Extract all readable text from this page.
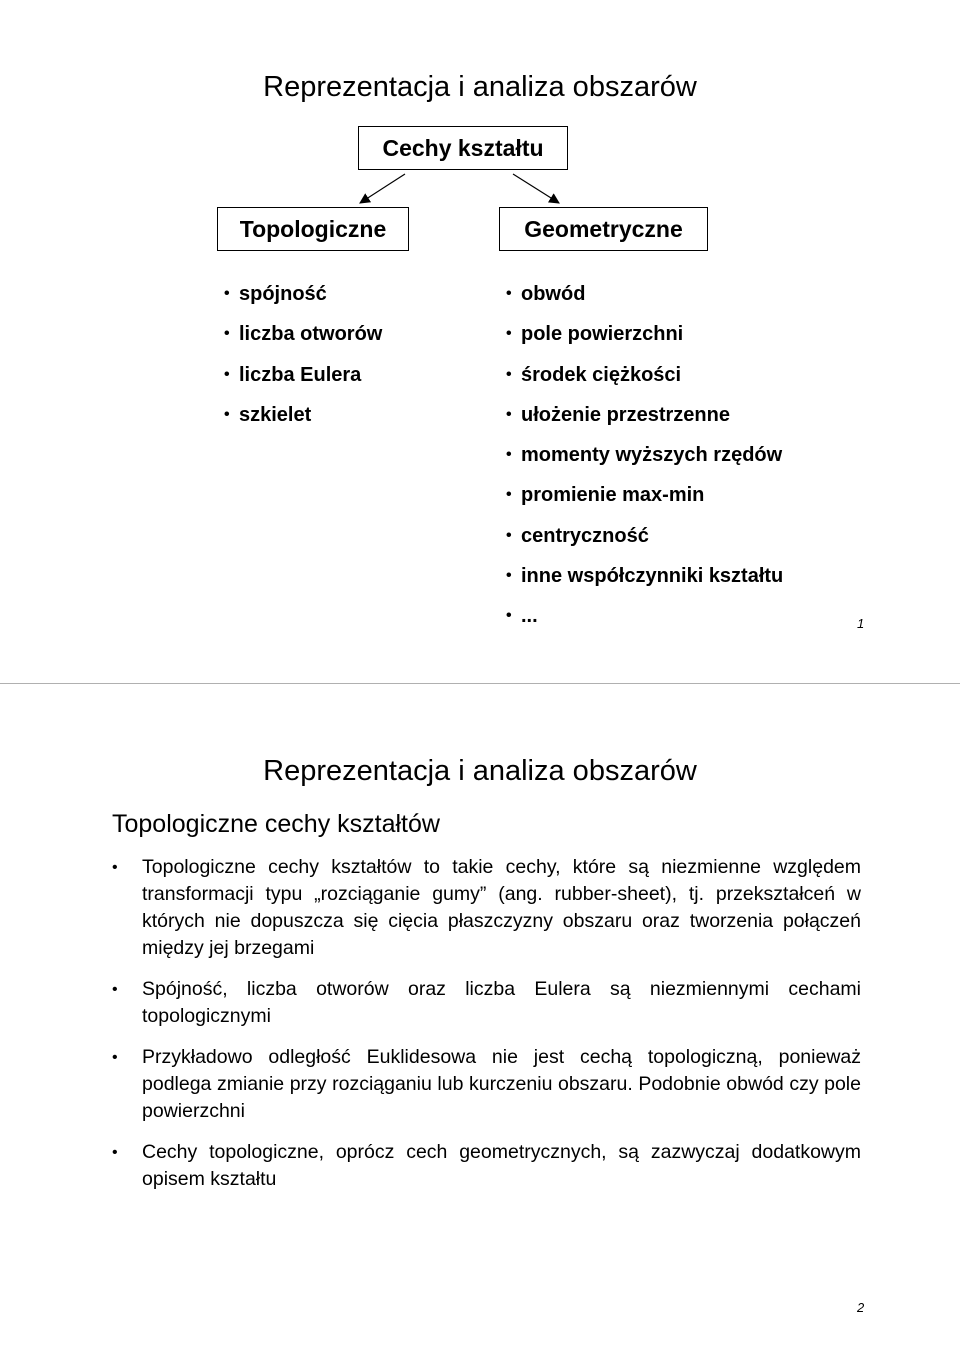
Reprezentacja i analiza obszarów
Cechy kształtu
Topologiczne	Geometryczne
• spójność
• liczba otworów
• liczba Eulera
• szkielet
• obwód
• pole powierzchni
• środek ciężkości
• ułożenie przestrzenne
• momenty wyższych rzędów
• promienie max-min
• centryczność
• inne współczynniki kształtu
• ...	1
Reprezentacja i analiza obszarów
Topologiczne cechy kształtów
• Topologiczne cechy kształtów to takie cechy, które są niezmienne względem transformacji typu „rozciąganie gumy” (ang. rubber-sheet), tj. przekształceń w których nie dopuszcza się cięcia płaszczyzny obszaru oraz tworzenia połączeń między jej brzegami
• Spójność, liczba otworów oraz liczba Eulera są niezmiennymi cechami topologicznymi
• Przykładowo odległość Euklidesowa nie jest cechą topologiczną, ponieważ podlega zmianie przy rozciąganiu lub kurczeniu obszaru. Podobnie obwód czy pole powierzchni
• Cechy topologiczne, oprócz cech geometrycznych, są zazwyczaj dodatkowym opisem kształtu
2
